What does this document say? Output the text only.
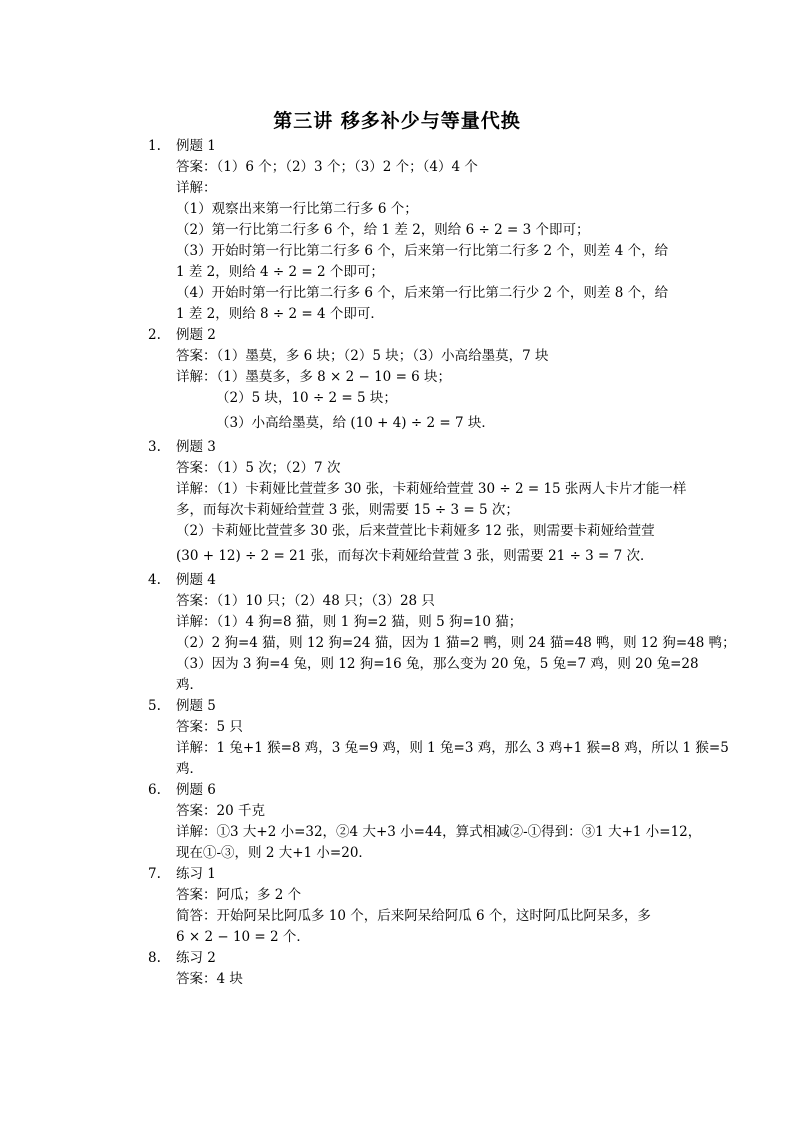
第三讲 移多补少与等量代换
1.	例题 1
答案：（1）6 个；（2）3 个；（3）2 个；（4）4 个
详解：
（1）观察出来第一行比第二行多 6 个；
（2）第一行比第二行多 6 个，给 1 差 2，则给 6 ÷ 2 = 3 个即可；
（3）开始时第一行比第二行多 6 个，后来第一行比第二行多 2 个，则差 4 个，给
1 差 2，则给 4 ÷ 2 = 2 个即可；
（4）开始时第一行比第二行多 6 个，后来第一行比第二行少 2 个，则差 8 个，给
1 差 2，则给 8 ÷ 2 = 4 个即可．
2.	例题 2
答案：（1）墨莫，多 6 块；（2）5 块；（3）小高给墨莫，7 块
详解：（1）墨莫多，多 8 × 2 − 10 = 6 块；
（2）5 块，10 ÷ 2 = 5 块；
（3）小高给墨莫，给 (10 + 4) ÷ 2 = 7 块．
3.	例题 3
答案：（1）5 次；（2）7 次
详解：（1）卡莉娅比萱萱多 30 张，卡莉娅给萱萱 30 ÷ 2 = 15 张两人卡片才能一样
多，而每次卡莉娅给萱萱 3 张，则需要 15 ÷ 3 = 5 次；
（2）卡莉娅比萱萱多 30 张，后来萱萱比卡莉娅多 12 张，则需要卡莉娅给萱萱
(30 + 12) ÷ 2 = 21 张，而每次卡莉娅给萱萱 3 张，则需要 21 ÷ 3 = 7 次．
4.	例题 4
答案：（1）10 只；（2）48 只；（3）28 只
详解：（1）4 狗=8 猫，则 1 狗=2 猫，则 5 狗=10 猫；
（2）2 狗=4 猫，则 12 狗=24 猫，因为 1 猫=2 鸭，则 24 猫=48 鸭，则 12 狗=48 鸭；
（3）因为 3 狗=4 兔，则 12 狗=16 兔，那么变为 20 兔，5 兔=7 鸡，则 20 兔=28
鸡．
5.	例题 5
答案：5 只
详解：1 兔+1 猴=8 鸡，3 兔=9 鸡，则 1 兔=3 鸡，那么 3 鸡+1 猴=8 鸡，所以 1 猴=5
鸡．
6.	例题 6
答案：20 千克
详解：①3 大+2 小=32，②4 大+3 小=44，算式相减②-①得到：③1 大+1 小=12，
现在①-③，则 2 大+1 小=20．
7.	练习 1
答案：阿瓜；多 2 个
简答：开始阿呆比阿瓜多 10 个，后来阿呆给阿瓜 6 个，这时阿瓜比阿呆多，多
6 × 2 − 10 = 2 个．
8.	练习 2
答案：4 块
